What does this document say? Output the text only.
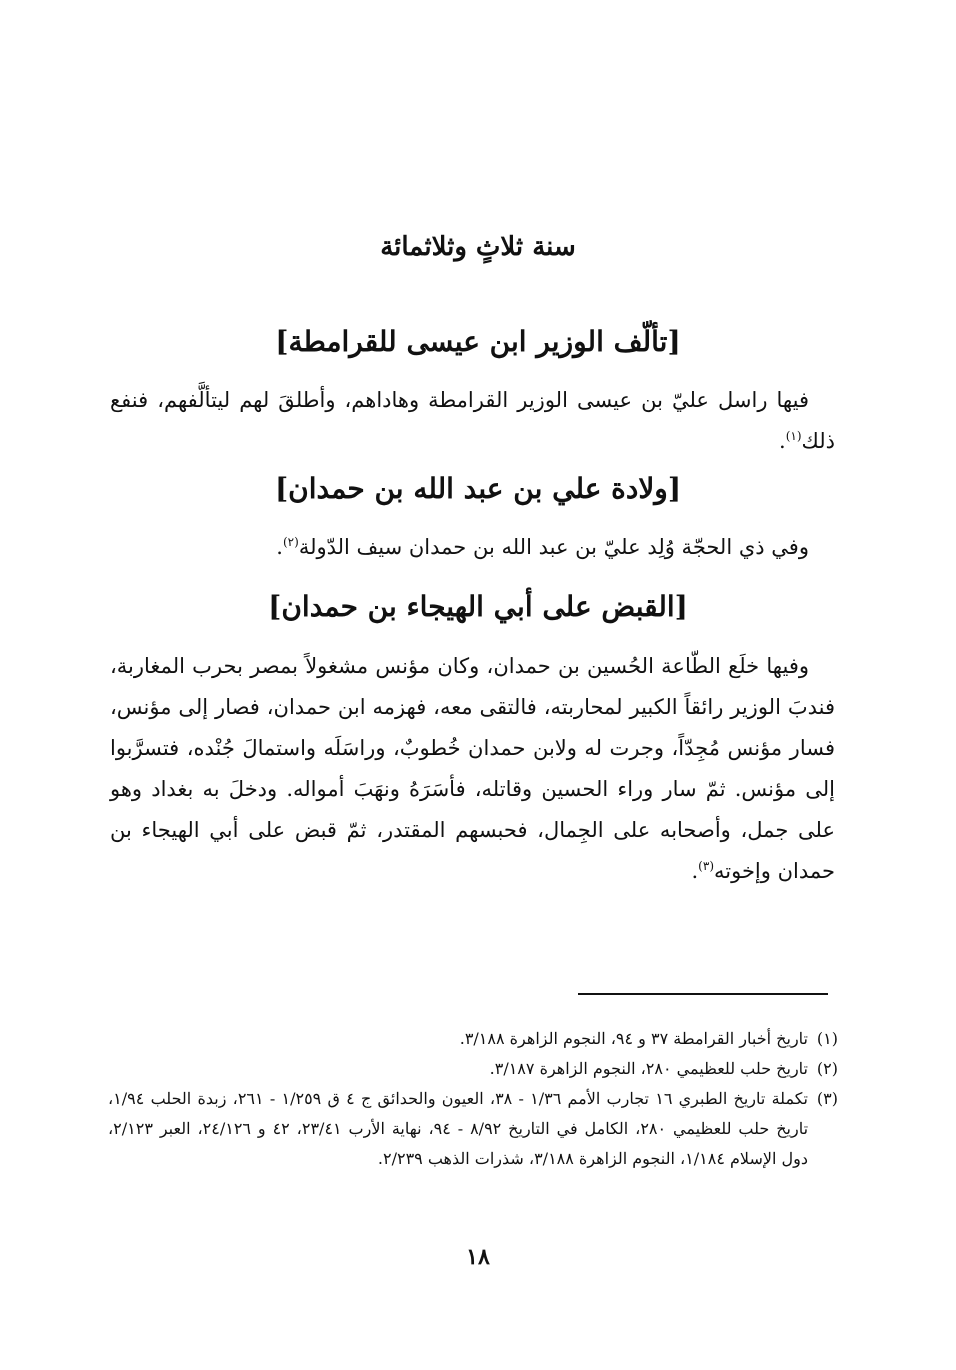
سنة ثلاثٍ وثلاثمائة
[تألّف الوزير ابن عيسى للقرامطة]
فيها راسل عليّ بن عيسى الوزير القرامطة وهاداهم، وأطلقَ لهم ليتألَّفهم، فنفع ذلك$^{(١)}$.
[ولادة علي بن عبد الله بن حمدان]
وفي ذي الحجّة وُلِد عليّ بن عبد الله بن حمدان سيف الدّولة$^{(٢)}$.
[القبض على أبي الهيجاء بن حمدان]
وفيها خلَع الطّاعة الحُسين بن حمدان، وكان مؤنس مشغولاً بمصر بحرب المغاربة، فندبَ الوزير رائقاً الكبير لمحاربته، فالتقى معه، فهزمه ابن حمدان، فصار إلى مؤنس، فسار مؤنس مُجِدّاً، وجرت له ولابن حمدان خُطوبٌ، وراسَلَه واستمالَ جُنْده، فتسرَّبوا إلى مؤنس. ثمّ سار وراء الحسين وقاتله، فأسَرَهُ ونهَبَ أمواله. ودخلَ به بغداد وهو على جمل، وأصحابه على الجِمال، فحبسهم المقتدر، ثمّ قبض على أبي الهيجاء بن حمدان وإخوته$^{(٣)}$.
(١)
تاريخ أخبار القرامطة ٣٧ و ٩٤، النجوم الزاهرة ٣/١٨٨.
(٢)
تاريخ حلب للعظيمي ٢٨٠، النجوم الزاهرة ٣/١٨٧.
(٣)
تكملة تاريخ الطبري ١٦ تجارب الأمم ١/٣٦ - ٣٨، العيون والحدائق ج ٤ ق ١/٢٥٩ - ٢٦١، زبدة الحلب ١/٩٤، تاريخ حلب للعظيمي ٢٨٠، الكامل في التاريخ ٨/٩٢ - ٩٤، نهاية الأرب ٢٣/٤١، ٤٢ و ٢٤/١٢٦، العبر ٢/١٢٣، دول الإسلام ١/١٨٤، النجوم الزاهرة ٣/١٨٨، شذرات الذهب ٢/٢٣٩.
١٨
